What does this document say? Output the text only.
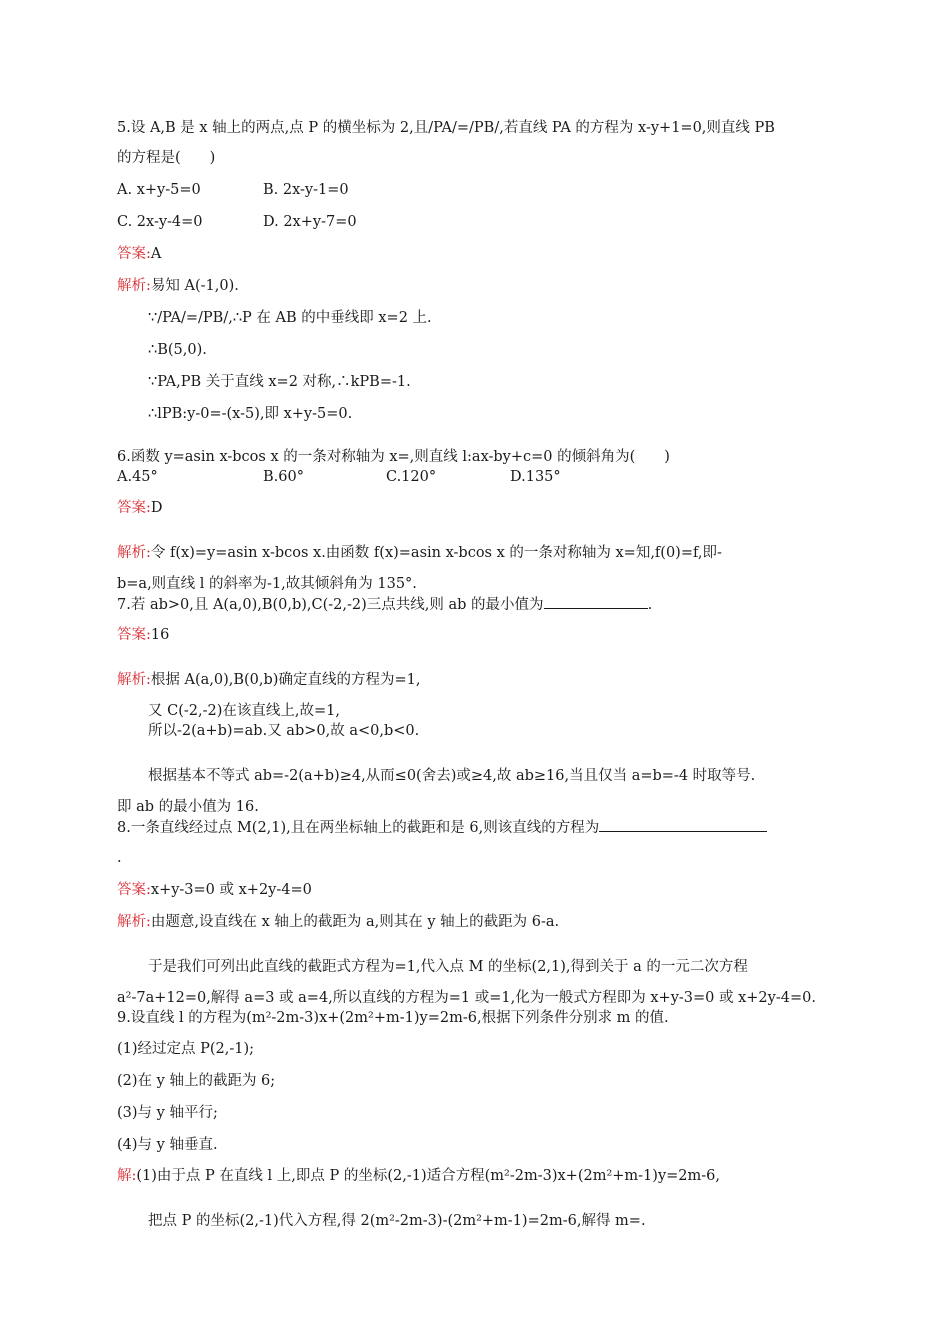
5.设 A,B 是 x 轴上的两点,点 P 的横坐标为 2,且/PA/=/PB/,若直线 PA 的方程为 x-y+1=0,则直线 PB
的方程是(　　)
A. x+y-5=0	B. 2x-y-1=0
C. 2x-y-4=0	D. 2x+y-7=0
答案:A
解析:易知 A(-1,0).
∵/PA/=/PB/,∴P 在 AB 的中垂线即 x=2 上.
∴B(5,0).
∵PA,PB 关于直线 x=2 对称,∴kPB=-1.
∴lPB:y-0=-(x-5),即 x+y-5=0.
6.函数 y=asin x-bcos x 的一条对称轴为 x=,则直线 l:ax-by+c=0 的倾斜角为(　　)
A.45°	B.60°	C.120°	D.135°
答案:D
解析:令 f(x)=y=asin x-bcos x.由函数 f(x)=asin x-bcos x 的一条对称轴为 x=知,f(0)=f,即-
b=a,则直线 l 的斜率为-1,故其倾斜角为 135°.
7.若 ab>0,且 A(a,0),B(0,b),C(-2,-2)三点共线,则 ab 的最小值为	.
答案:16
解析:根据 A(a,0),B(0,b)确定直线的方程为=1,
又 C(-2,-2)在该直线上,故=1,
所以-2(a+b)=ab.又 ab>0,故 a<0,b<0.
根据基本不等式 ab=-2(a+b)≥4,从而≤0(舍去)或≥4,故 ab≥16,当且仅当 a=b=-4 时取等号.
即 ab 的最小值为 16.
8.一条直线经过点 M(2,1),且在两坐标轴上的截距和是 6,则该直线的方程为
.
答案:x+y-3=0 或 x+2y-4=0
解析:由题意,设直线在 x 轴上的截距为 a,则其在 y 轴上的截距为 6-a.
于是我们可列出此直线的截距式方程为=1,代入点 M 的坐标(2,1),得到关于 a 的一元二次方程
a²-7a+12=0,解得 a=3 或 a=4,所以直线的方程为=1 或=1,化为一般式方程即为 x+y-3=0 或 x+2y-4=0.
9.设直线 l 的方程为(m²-2m-3)x+(2m²+m-1)y=2m-6,根据下列条件分别求 m 的值.
(1)经过定点 P(2,-1);
(2)在 y 轴上的截距为 6;
(3)与 y 轴平行;
(4)与 y 轴垂直.
解:(1)由于点 P 在直线 l 上,即点 P 的坐标(2,-1)适合方程(m²-2m-3)x+(2m²+m-1)y=2m-6,
把点 P 的坐标(2,-1)代入方程,得 2(m²-2m-3)-(2m²+m-1)=2m-6,解得 m=.
